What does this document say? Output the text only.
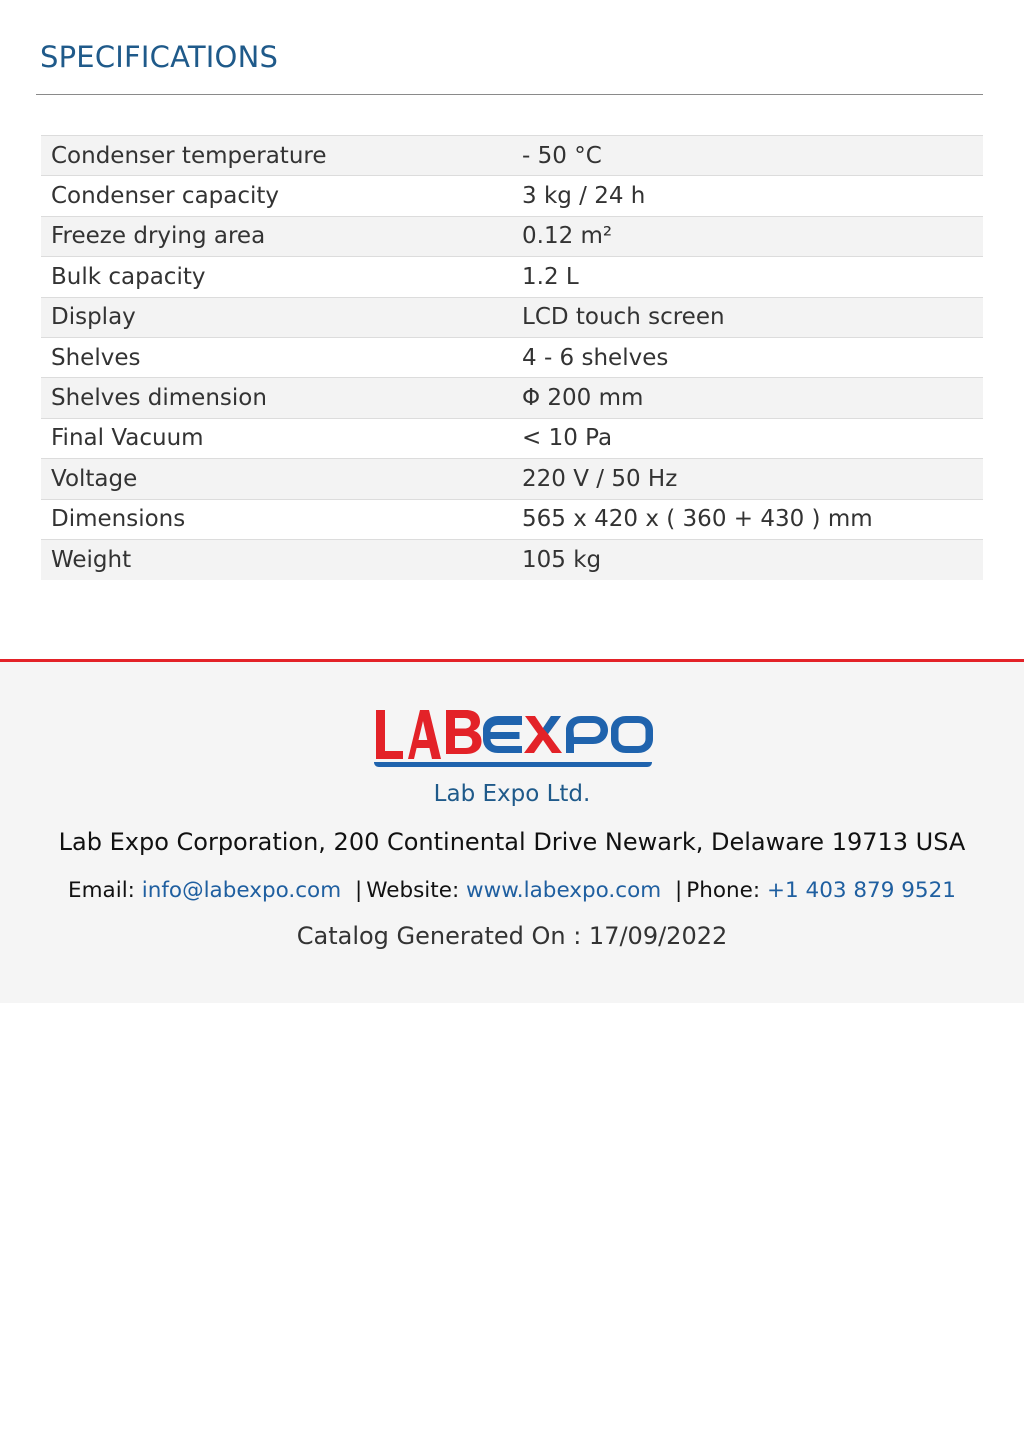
SPECIFICATIONS
Condenser temperature	- 50 °C
Condenser capacity	3 kg / 24 h
Freeze drying area	0.12 m²
Bulk capacity	1.2 L
Display	LCD touch screen
Shelves	4 - 6 shelves
Shelves dimension	Φ 200 mm
Final Vacuum	< 10 Pa
Voltage	220 V / 50 Hz
Dimensions	565 x 420 x ( 360 + 430 ) mm
Weight	105 kg
Lab Expo Ltd.
Lab Expo Corporation, 200 Continental Drive Newark, Delaware 19713 USA
Email: info@labexpo.com | Website: www.labexpo.com | Phone: +1 403 879 9521
Catalog Generated On : 17/09/2022
